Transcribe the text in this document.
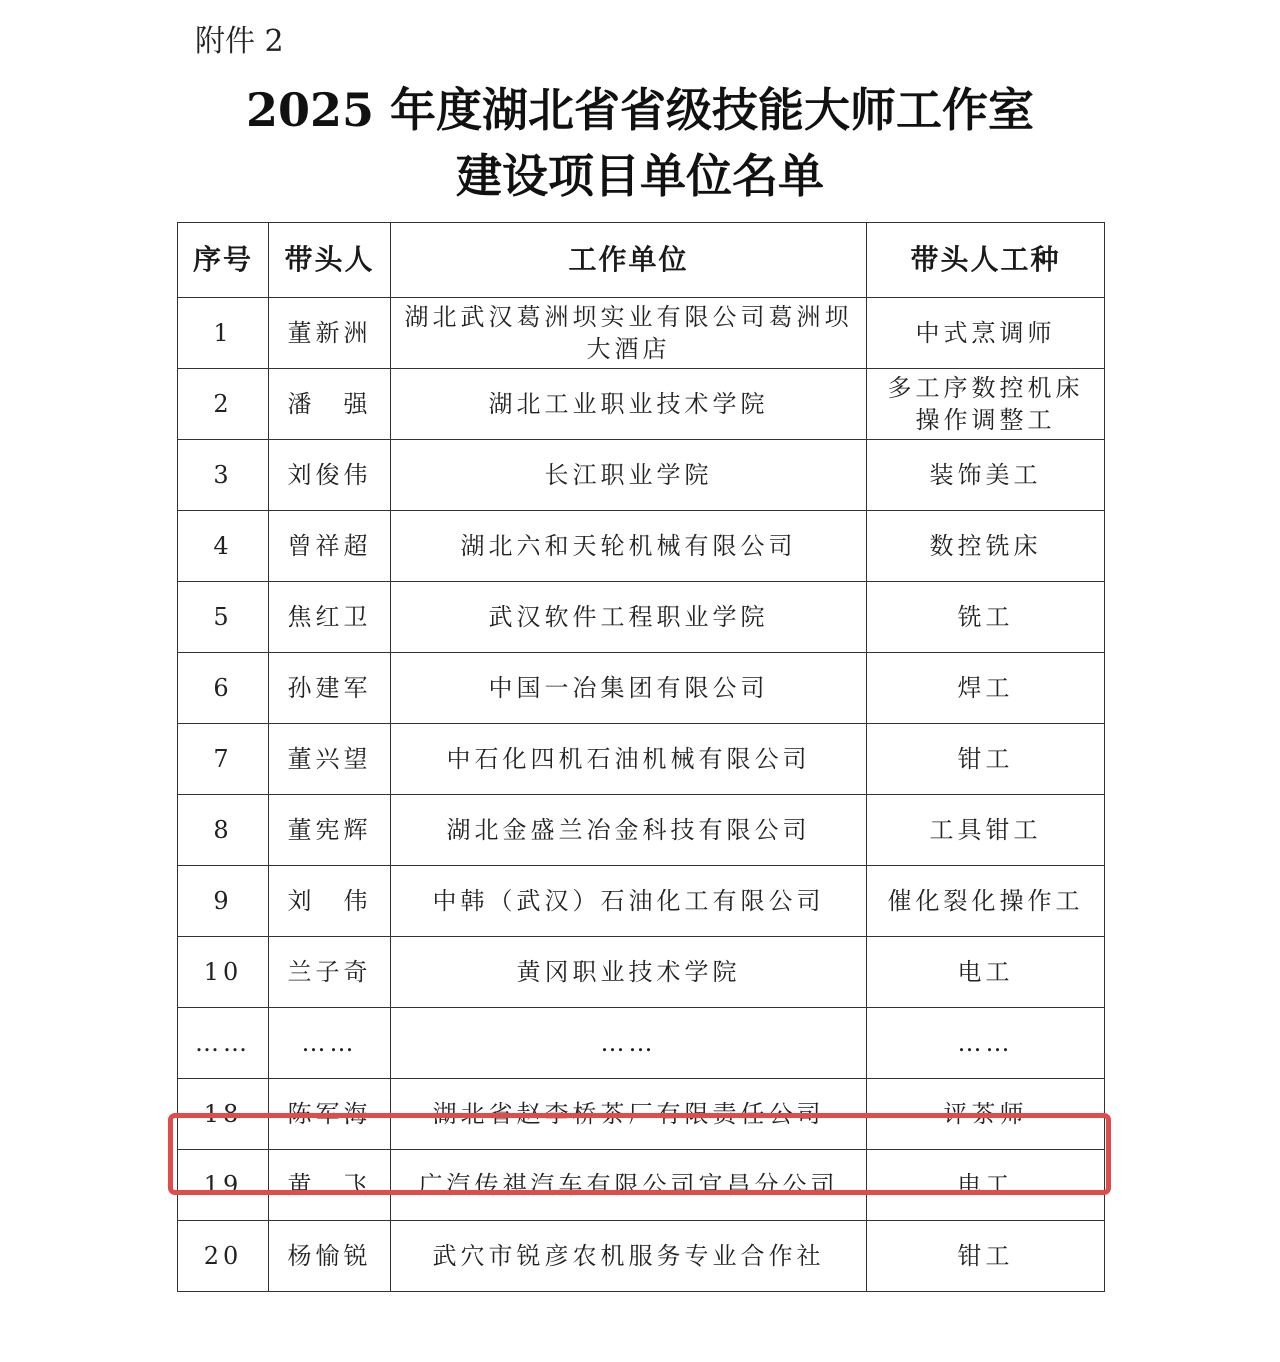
附件 2
2025 年度湖北省省级技能大师工作室
建设项目单位名单
序号	带头人	工作单位	带头人工种
1	董新洲	湖北武汉葛洲坝实业有限公司葛洲坝大酒店	中式烹调师
2	潘　强	湖北工业职业技术学院	多工序数控机床操作调整工
3	刘俊伟	长江职业学院	装饰美工
4	曾祥超	湖北六和天轮机械有限公司	数控铣床
5	焦红卫	武汉软件工程职业学院	铣工
6	孙建军	中国一冶集团有限公司	焊工
7	董兴望	中石化四机石油机械有限公司	钳工
8	董宪辉	湖北金盛兰冶金科技有限公司	工具钳工
9	刘　伟	中韩（武汉）石油化工有限公司	催化裂化操作工
10	兰子奇	黄冈职业技术学院	电工
……	……	……	……
18	陈军海	湖北省赵李桥茶厂有限责任公司	评茶师
19	黄　飞	广汽传祺汽车有限公司宜昌分公司	电工
20	杨愉锐	武穴市锐彦农机服务专业合作社	钳工
